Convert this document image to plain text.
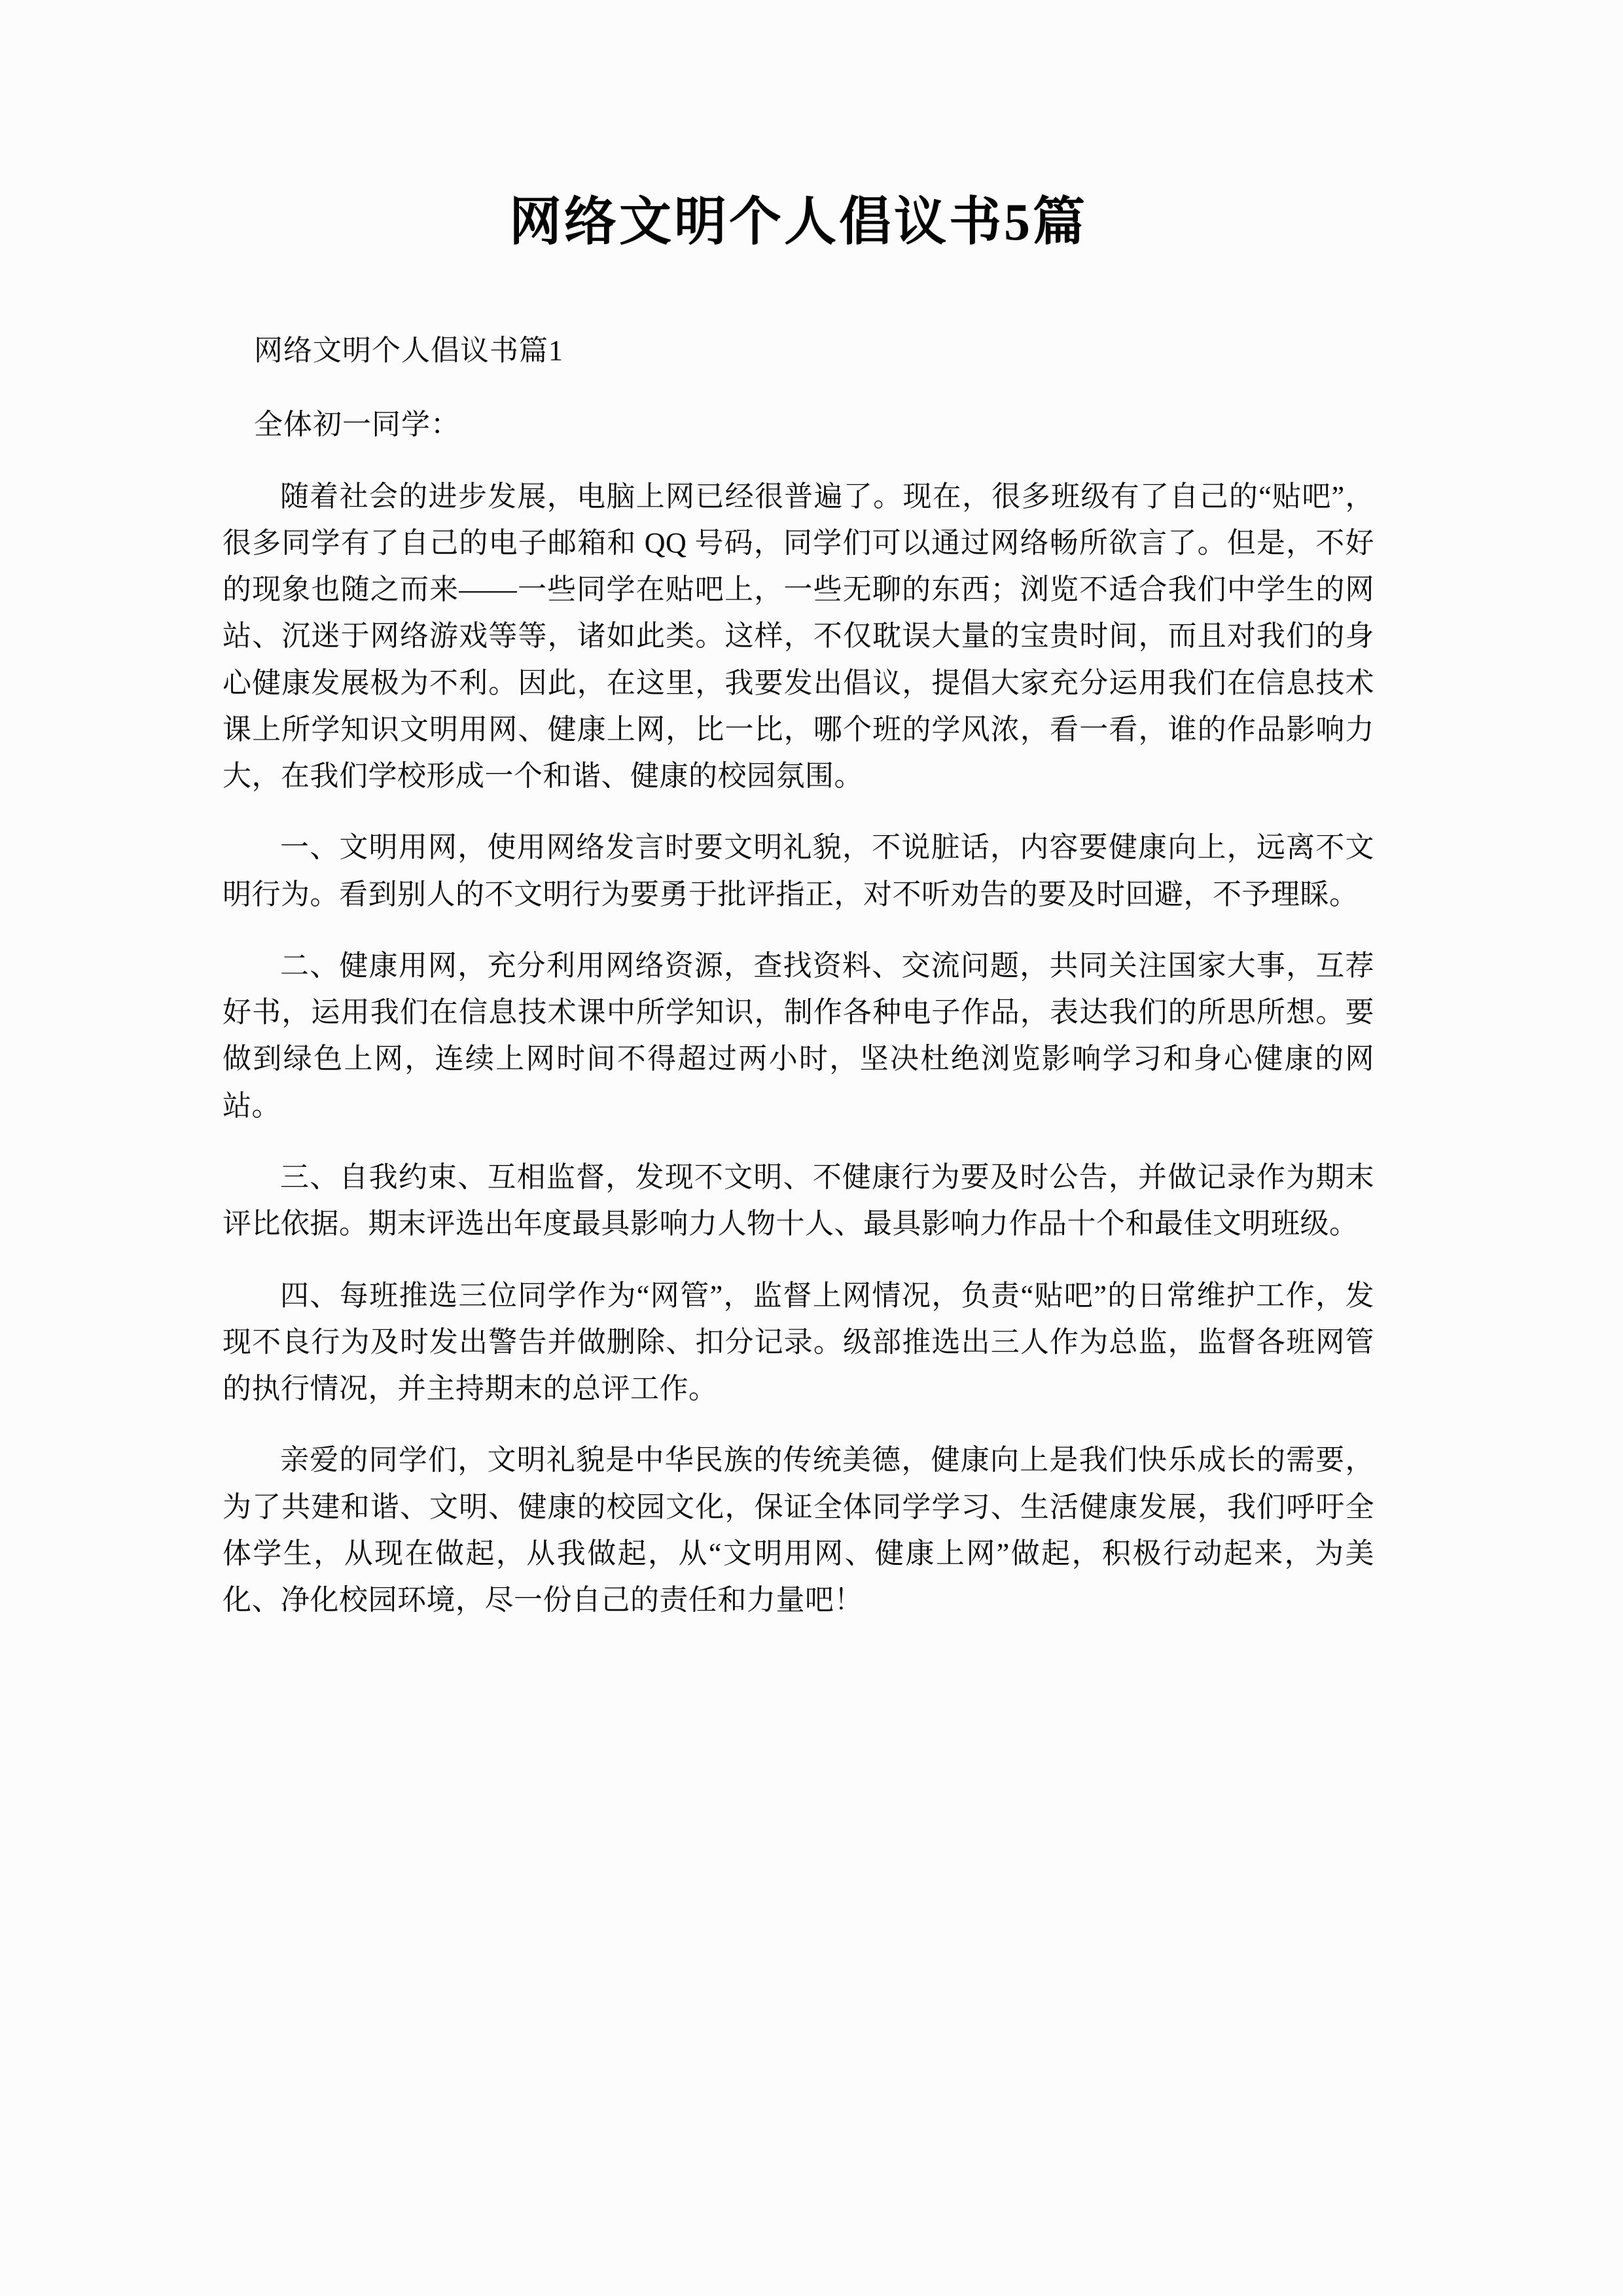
网络文明个人倡议书5篇
网络文明个人倡议书篇1
全体初一同学：

随着社会的进步发展，电脑上网已经很普遍了。现在，很多班级有了自己的“贴吧”，很多同学有了自己的电子邮箱和 QQ 号码，同学们可以通过网络畅所欲言了。但是，不好的现象也随之而来——一些同学在贴吧上，一些无聊的东西；浏览不适合我们中学生的网站、沉迷于网络游戏等等，诸如此类。这样，不仅耽误大量的宝贵时间，而且对我们的身心健康发展极为不利。因此，在这里，我要发出倡议，提倡大家充分运用我们在信息技术课上所学知识文明用网、健康上网，比一比，哪个班的学风浓，看一看，谁的作品影响力大，在我们学校形成一个和谐、健康的校园氛围。

一、文明用网，使用网络发言时要文明礼貌，不说脏话，内容要健康向上，远离不文明行为。看到别人的不文明行为要勇于批评指正，对不听劝告的要及时回避，不予理睬。

二、健康用网，充分利用网络资源，查找资料、交流问题，共同关注国家大事，互荐好书，运用我们在信息技术课中所学知识，制作各种电子作品，表达我们的所思所想。要做到绿色上网，连续上网时间不得超过两小时，坚决杜绝浏览影响学习和身心健康的网站。

三、自我约束、互相监督，发现不文明、不健康行为要及时公告，并做记录作为期末评比依据。期末评选出年度最具影响力人物十人、最具影响力作品十个和最佳文明班级。

四、每班推选三位同学作为“网管”，监督上网情况，负责“贴吧”的日常维护工作，发现不良行为及时发出警告并做删除、扣分记录。级部推选出三人作为总监，监督各班网管的执行情况，并主持期末的总评工作。

亲爱的同学们，文明礼貌是中华民族的传统美德，健康向上是我们快乐成长的需要，为了共建和谐、文明、健康的校园文化，保证全体同学学习、生活健康发展，我们呼吁全体学生，从现在做起，从我做起，从“文明用网、健康上网”做起，积极行动起来，为美化、净化校园环境，尽一份自己的责任和力量吧！
